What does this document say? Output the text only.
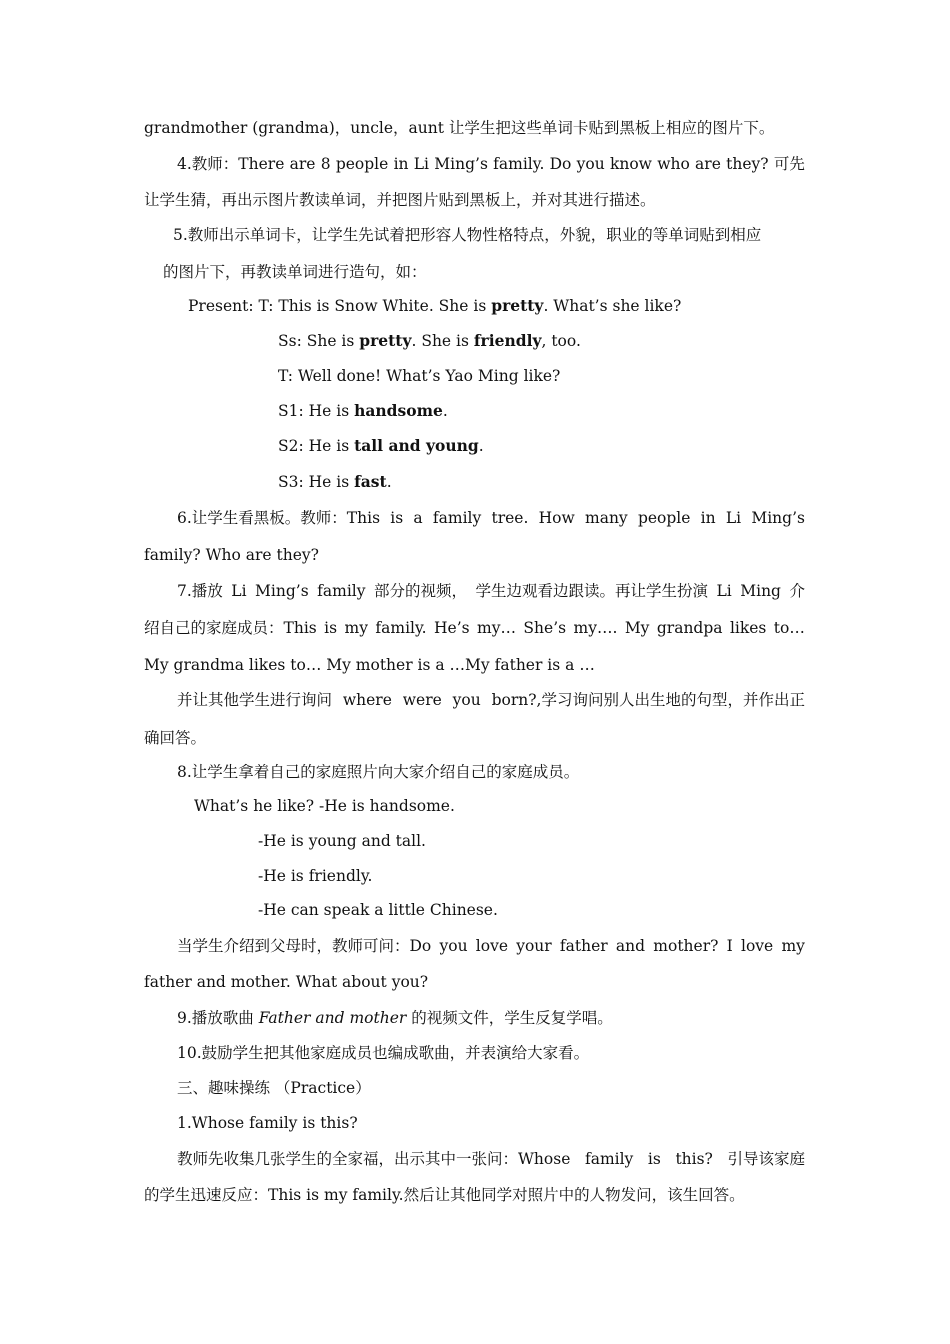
grandmother (grandma)，uncle，aunt 让学生把这些单词卡贴到黑板上相应的图片下。
4.教师：There are 8 people in Li Ming’s family. Do you know who are they? 可先
让学生猜，再出示图片教读单词，并把图片贴到黑板上，并对其进行描述。
5.教师出示单词卡，让学生先试着把形容人物性格特点，外貌，职业的等单词贴到相应
的图片下，再教读单词进行造句，如：
Present: T: This is Snow White. She is pretty. What’s she like?
Ss: She is pretty. She is friendly, too.
T: Well done! What’s Yao Ming like?
S1: He is handsome.
S2: He is tall and young.
S3: He is fast.
6.让学生看黑板。教师：This is a family tree. How many people in Li Ming’s
family? Who are they?
7.播放 Li Ming’s family 部分的视频， 学生边观看边跟读。再让学生扮演 Li Ming 介
绍自己的家庭成员：This is my family. He’s my… She’s my…. My grandpa likes to…
My grandma likes to… My mother is a …My father is a …
并让其他学生进行询问 where were you born?,学习询问别人出生地的句型，并作出正
确回答。
8.让学生拿着自己的家庭照片向大家介绍自己的家庭成员。
What’s he like? -He is handsome.
-He is young and tall.
-He is friendly.
-He can speak a little Chinese.
当学生介绍到父母时，教师可问：Do you love your father and mother? I love my
father and mother. What about you?
9.播放歌曲 Father and mother 的视频文件，学生反复学唱。
10.鼓励学生把其他家庭成员也编成歌曲，并表演给大家看。
三、趣味操练 （Practice）
1.Whose family is this?
教师先收集几张学生的全家福，出示其中一张问：Whose family is this? 引导该家庭
的学生迅速反应：This is my family.然后让其他同学对照片中的人物发问，该生回答。
